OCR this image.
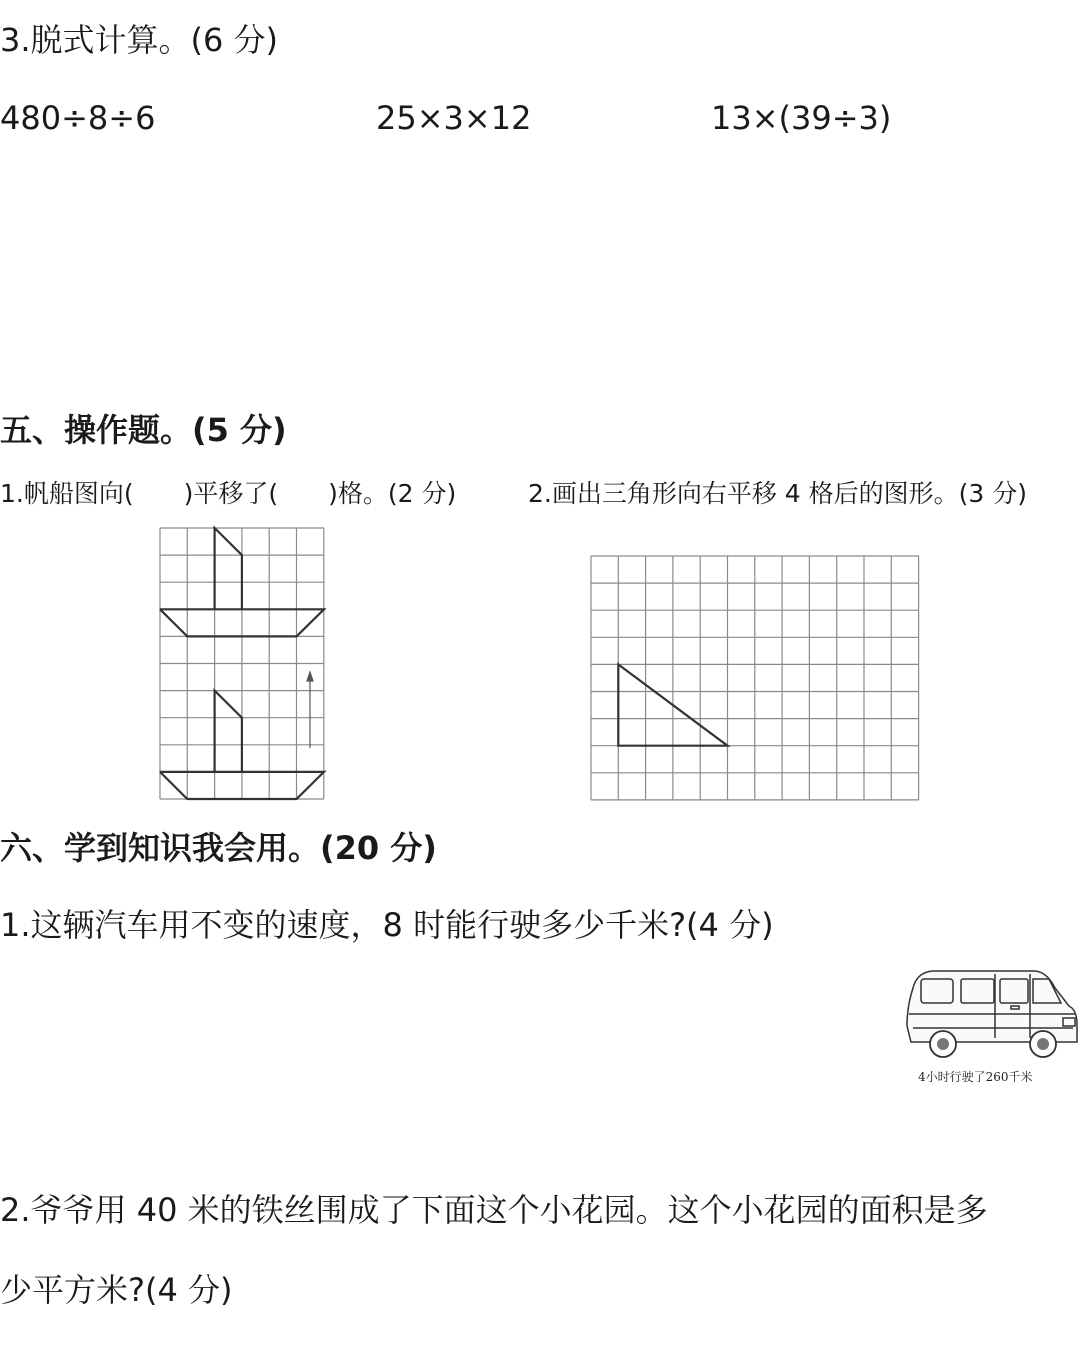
3.脱式计算。(6 分)
480÷8÷6	25×3×12	13×(39÷3)
五、操作题。(5 分)
1.帆船图向(　　)平移了(　　)格。(2 分)	2.画出三角形向右平移 4 格后的图形。(3 分)
六、学到知识我会用。(20 分)
1.这辆汽车用不变的速度，8 时能行驶多少千米?(4 分)
4小时行驶了260千米
2.爷爷用 40 米的铁丝围成了下面这个小花园。这个小花园的面积是多
少平方米?(4 分)
